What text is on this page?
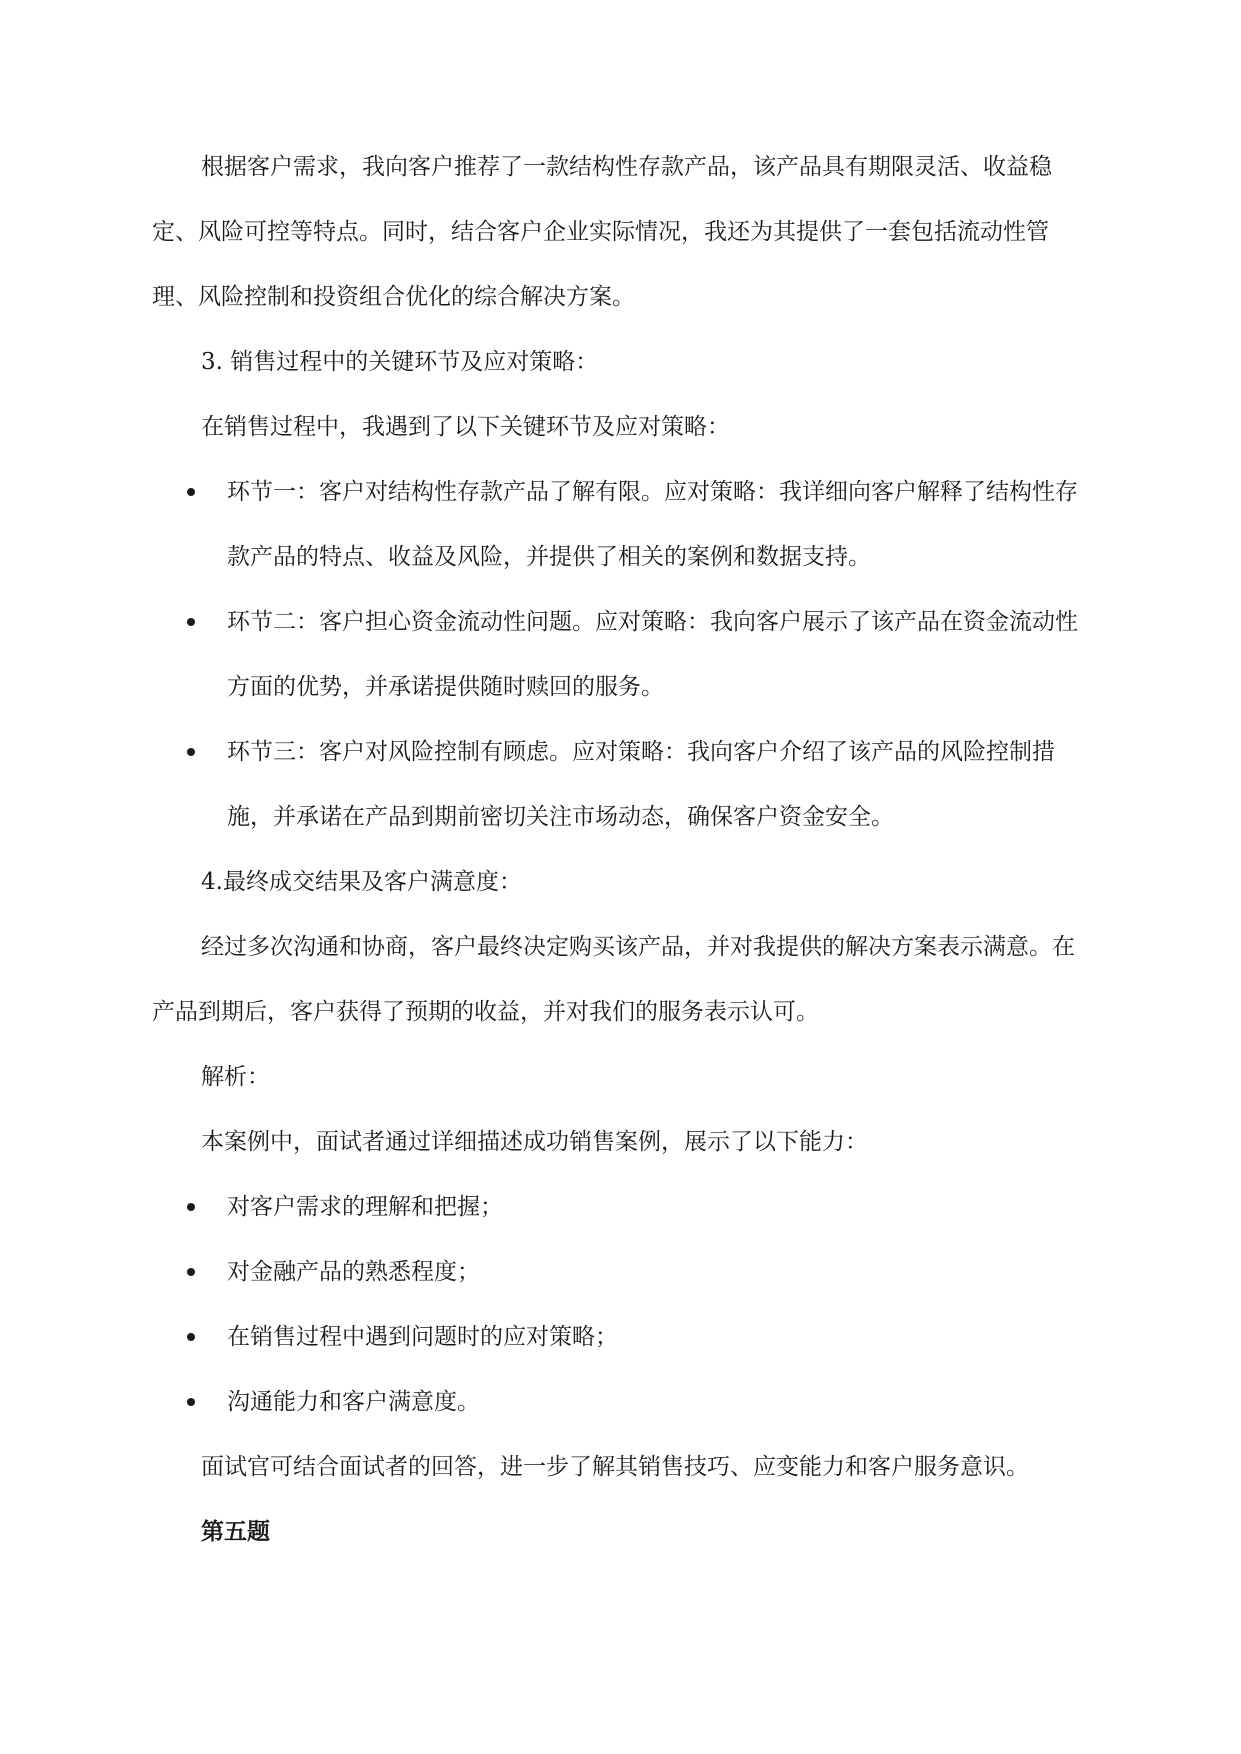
根据客户需求，我向客户推荐了一款结构性存款产品，该产品具有期限灵活、收益稳定、风险可控等特点。同时，结合客户企业实际情况，我还为其提供了一套包括流动性管理、风险控制和投资组合优化的综合解决方案。

3. 销售过程中的关键环节及应对策略：

在销售过程中，我遇到了以下关键环节及应对策略：

环节一：客户对结构性存款产品了解有限。应对策略：我详细向客户解释了结构性存款产品的特点、收益及风险，并提供了相关的案例和数据支持。
环节二：客户担心资金流动性问题。应对策略：我向客户展示了该产品在资金流动性方面的优势，并承诺提供随时赎回的服务。
环节三：客户对风险控制有顾虑。应对策略：我向客户介绍了该产品的风险控制措施，并承诺在产品到期前密切关注市场动态，确保客户资金安全。

4.最终成交结果及客户满意度：

经过多次沟通和协商，客户最终决定购买该产品，并对我提供的解决方案表示满意。在产品到期后，客户获得了预期的收益，并对我们的服务表示认可。

解析：

本案例中，面试者通过详细描述成功销售案例，展示了以下能力：

对客户需求的理解和把握；
对金融产品的熟悉程度；
在销售过程中遇到问题时的应对策略；
沟通能力和客户满意度。

面试官可结合面试者的回答，进一步了解其销售技巧、应变能力和客户服务意识。

第五题
